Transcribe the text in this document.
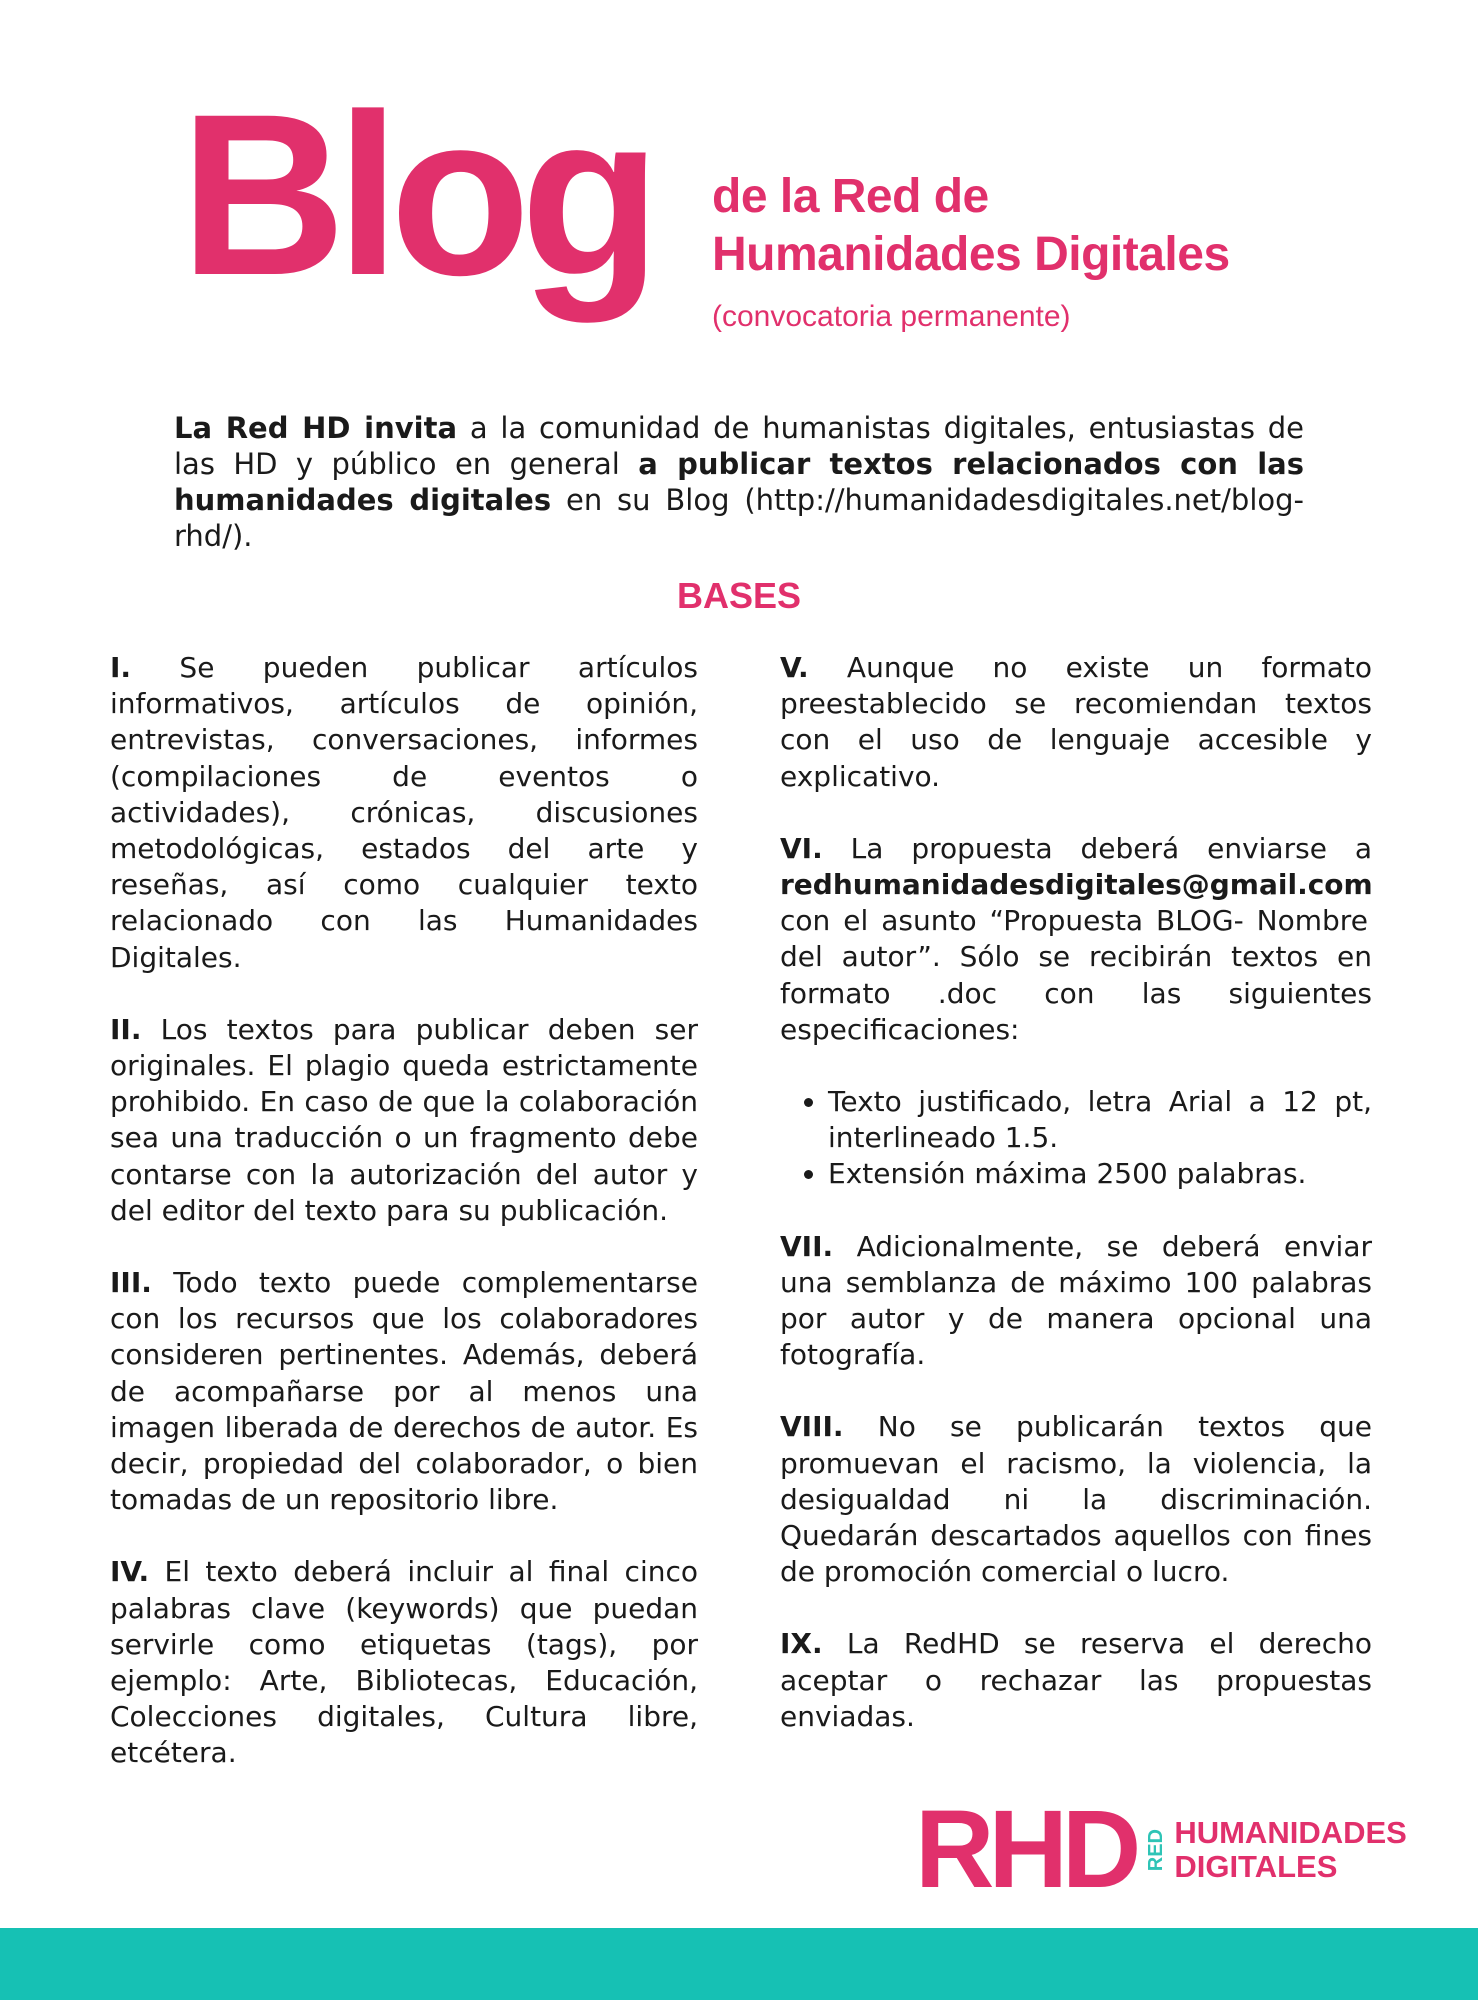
Blog de la Red de
Humanidades Digitales

(convocatoria permanente)

La Red HD invita a la comunidad de humanistas digitales, entusiastas de las HD y público en general a publicar textos relacionados con las humanidades digitales en su Blog (http://humanidadesdigitales.net/blog-rhd/).

BASES

I. Se pueden publicar artículos informativos, artículos de opinión, entrevistas, conversaciones, informes (compilaciones de eventos o actividades), crónicas, discusiones metodológicas, estados del arte y reseñas, así como cualquier texto relacionado con las Humanidades Digitales.

II. Los textos para publicar deben ser originales. El plagio queda estrictamente prohibido. En caso de que la colaboración sea una traducción o un fragmento debe contarse con la autorización del autor y del editor del texto para su publicación.

III. Todo texto puede complementarse con los recursos que los colaboradores consideren pertinentes. Además, deberá de acompañarse por al menos una imagen liberada de derechos de autor. Es decir, propiedad del colaborador, o bien tomadas de un repositorio libre.

IV. El texto deberá incluir al final cinco palabras clave (keywords) que puedan servirle como etiquetas (tags), por ejemplo: Arte, Bibliotecas, Educación, Colecciones digitales, Cultura libre, etcétera.

V. Aunque no existe un formato preestablecido se recomiendan textos con el uso de lenguaje accesible y explicativo.

VI. La propuesta deberá enviarse a redhumanidadesdigitales@gmail.com con el asunto “Propuesta BLOG- Nombre del autor”. Sólo se recibirán textos en formato .doc con las siguientes especificaciones:
• Texto justificado, letra Arial a 12 pt, interlineado 1.5.
• Extensión máxima 2500 palabras.

VII. Adicionalmente, se deberá enviar una semblanza de máximo 100 palabras por autor y de manera opcional una fotografía.

VIII. No se publicarán textos que promuevan el racismo, la violencia, la desigualdad ni la discriminación. Quedarán descartados aquellos con fines de promoción comercial o lucro.

IX. La RedHD se reserva el derecho aceptar o rechazar las propuestas enviadas.

RHD RED HUMANIDADES
DIGITALES
